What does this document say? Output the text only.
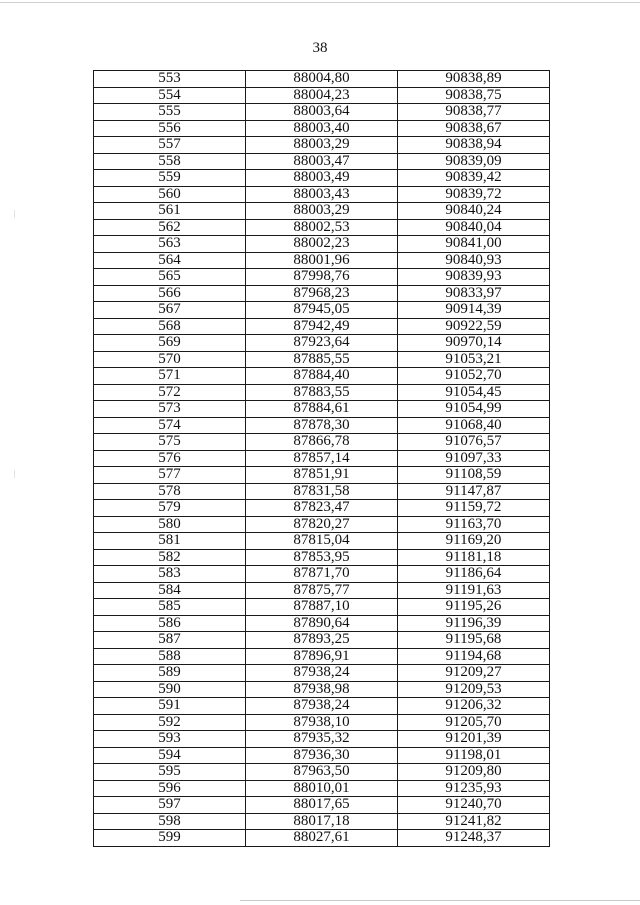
38
553	88004,80	90838,89
554	88004,23	90838,75
555	88003,64	90838,77
556	88003,40	90838,67
557	88003,29	90838,94
558	88003,47	90839,09
559	88003,49	90839,42
560	88003,43	90839,72
561	88003,29	90840,24
562	88002,53	90840,04
563	88002,23	90841,00
564	88001,96	90840,93
565	87998,76	90839,93
566	87968,23	90833,97
567	87945,05	90914,39
568	87942,49	90922,59
569	87923,64	90970,14
570	87885,55	91053,21
571	87884,40	91052,70
572	87883,55	91054,45
573	87884,61	91054,99
574	87878,30	91068,40
575	87866,78	91076,57
576	87857,14	91097,33
577	87851,91	91108,59
578	87831,58	91147,87
579	87823,47	91159,72
580	87820,27	91163,70
581	87815,04	91169,20
582	87853,95	91181,18
583	87871,70	91186,64
584	87875,77	91191,63
585	87887,10	91195,26
586	87890,64	91196,39
587	87893,25	91195,68
588	87896,91	91194,68
589	87938,24	91209,27
590	87938,98	91209,53
591	87938,24	91206,32
592	87938,10	91205,70
593	87935,32	91201,39
594	87936,30	91198,01
595	87963,50	91209,80
596	88010,01	91235,93
597	88017,65	91240,70
598	88017,18	91241,82
599	88027,61	91248,37
